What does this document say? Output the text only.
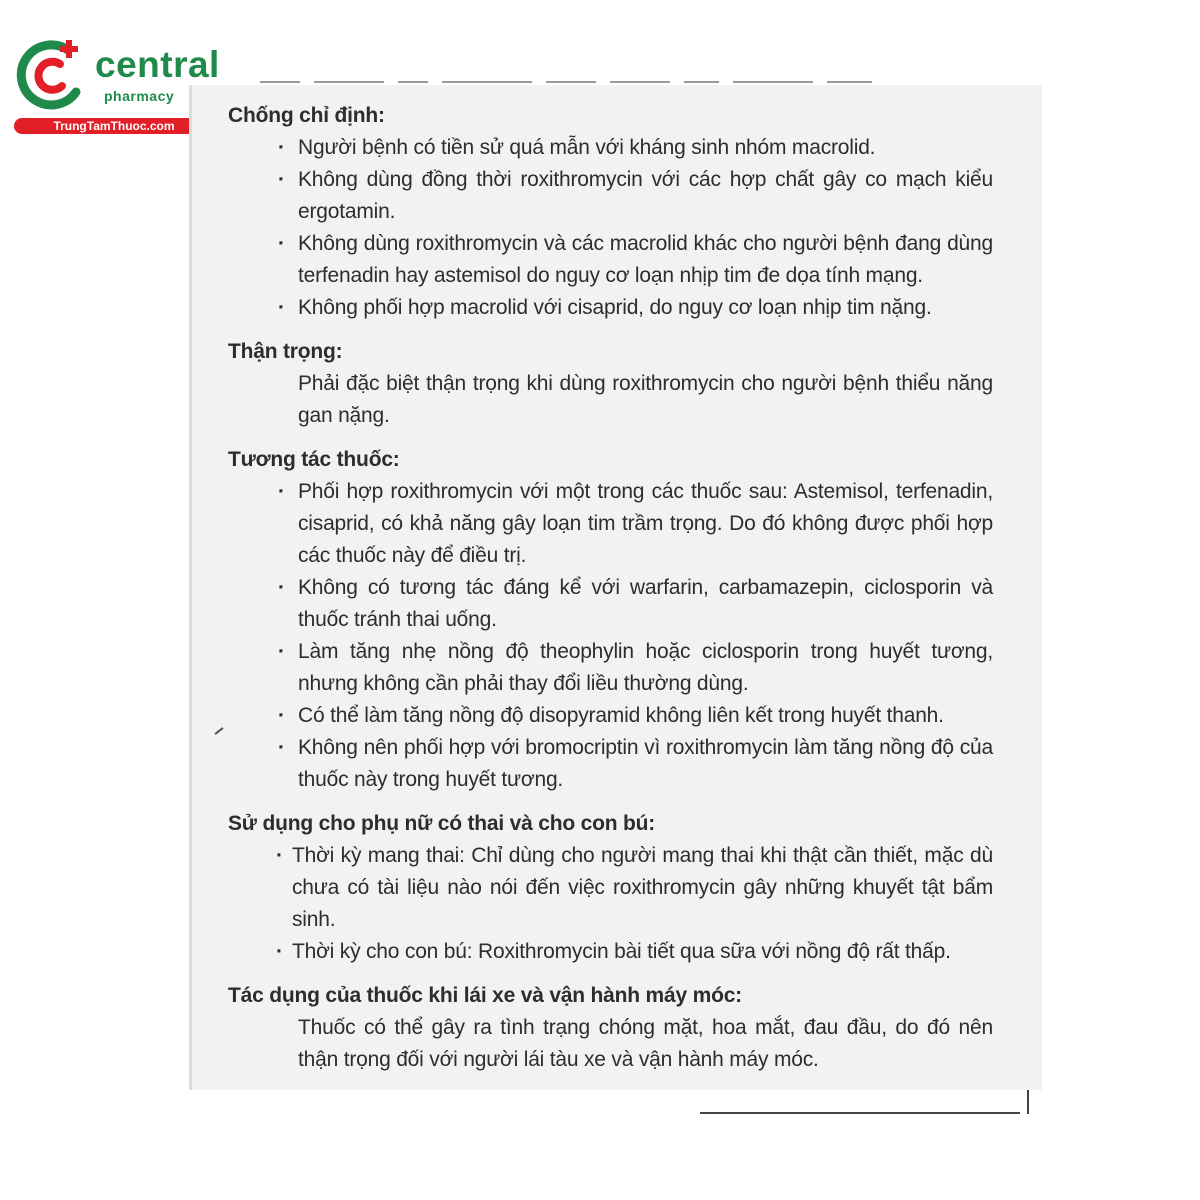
central

pharmacy

TrungTamThuoc.com	Chống chỉ định:

· Người bệnh có tiền sử quá mẫn với kháng sinh nhóm macrolid.
· Không dùng đồng thời roxithromycin với các hợp chất gây co mạch kiểu ergotamin.
· Không dùng roxithromycin và các macrolid khác cho người bệnh đang dùng terfenadin hay astemisol do nguy cơ loạn nhịp tim đe dọa tính mạng.
· Không phối hợp macrolid với cisaprid, do nguy cơ loạn nhịp tim nặng.

Thận trọng:

Phải đặc biệt thận trọng khi dùng roxithromycin cho người bệnh thiểu năng gan nặng.

Tương tác thuốc:

· Phối hợp roxithromycin với một trong các thuốc sau: Astemisol, terfenadin, cisaprid, có khả năng gây loạn tim trầm trọng. Do đó không được phối hợp các thuốc này để điều trị.
· Không có tương tác đáng kể với warfarin, carbamazepin, ciclosporin và thuốc tránh thai uống.
· Làm tăng nhẹ nồng độ theophylin hoặc ciclosporin trong huyết tương, nhưng không cần phải thay đổi liều thường dùng.
· Có thể làm tăng nồng độ disopyramid không liên kết trong huyết thanh.
· Không nên phối hợp với bromocriptin vì roxithromycin làm tăng nồng độ của thuốc này trong huyết tương.

Sử dụng cho phụ nữ có thai và cho con bú:

· Thời kỳ mang thai: Chỉ dùng cho người mang thai khi thật cần thiết, mặc dù chưa có tài liệu nào nói đến việc roxithromycin gây những khuyết tật bẩm sinh.
· Thời kỳ cho con bú: Roxithromycin bài tiết qua sữa với nồng độ rất thấp.

Tác dụng của thuốc khi lái xe và vận hành máy móc:

Thuốc có thể gây ra tình trạng chóng mặt, hoa mắt, đau đầu, do đó nên thận trọng đối với người lái tàu xe và vận hành máy móc.
